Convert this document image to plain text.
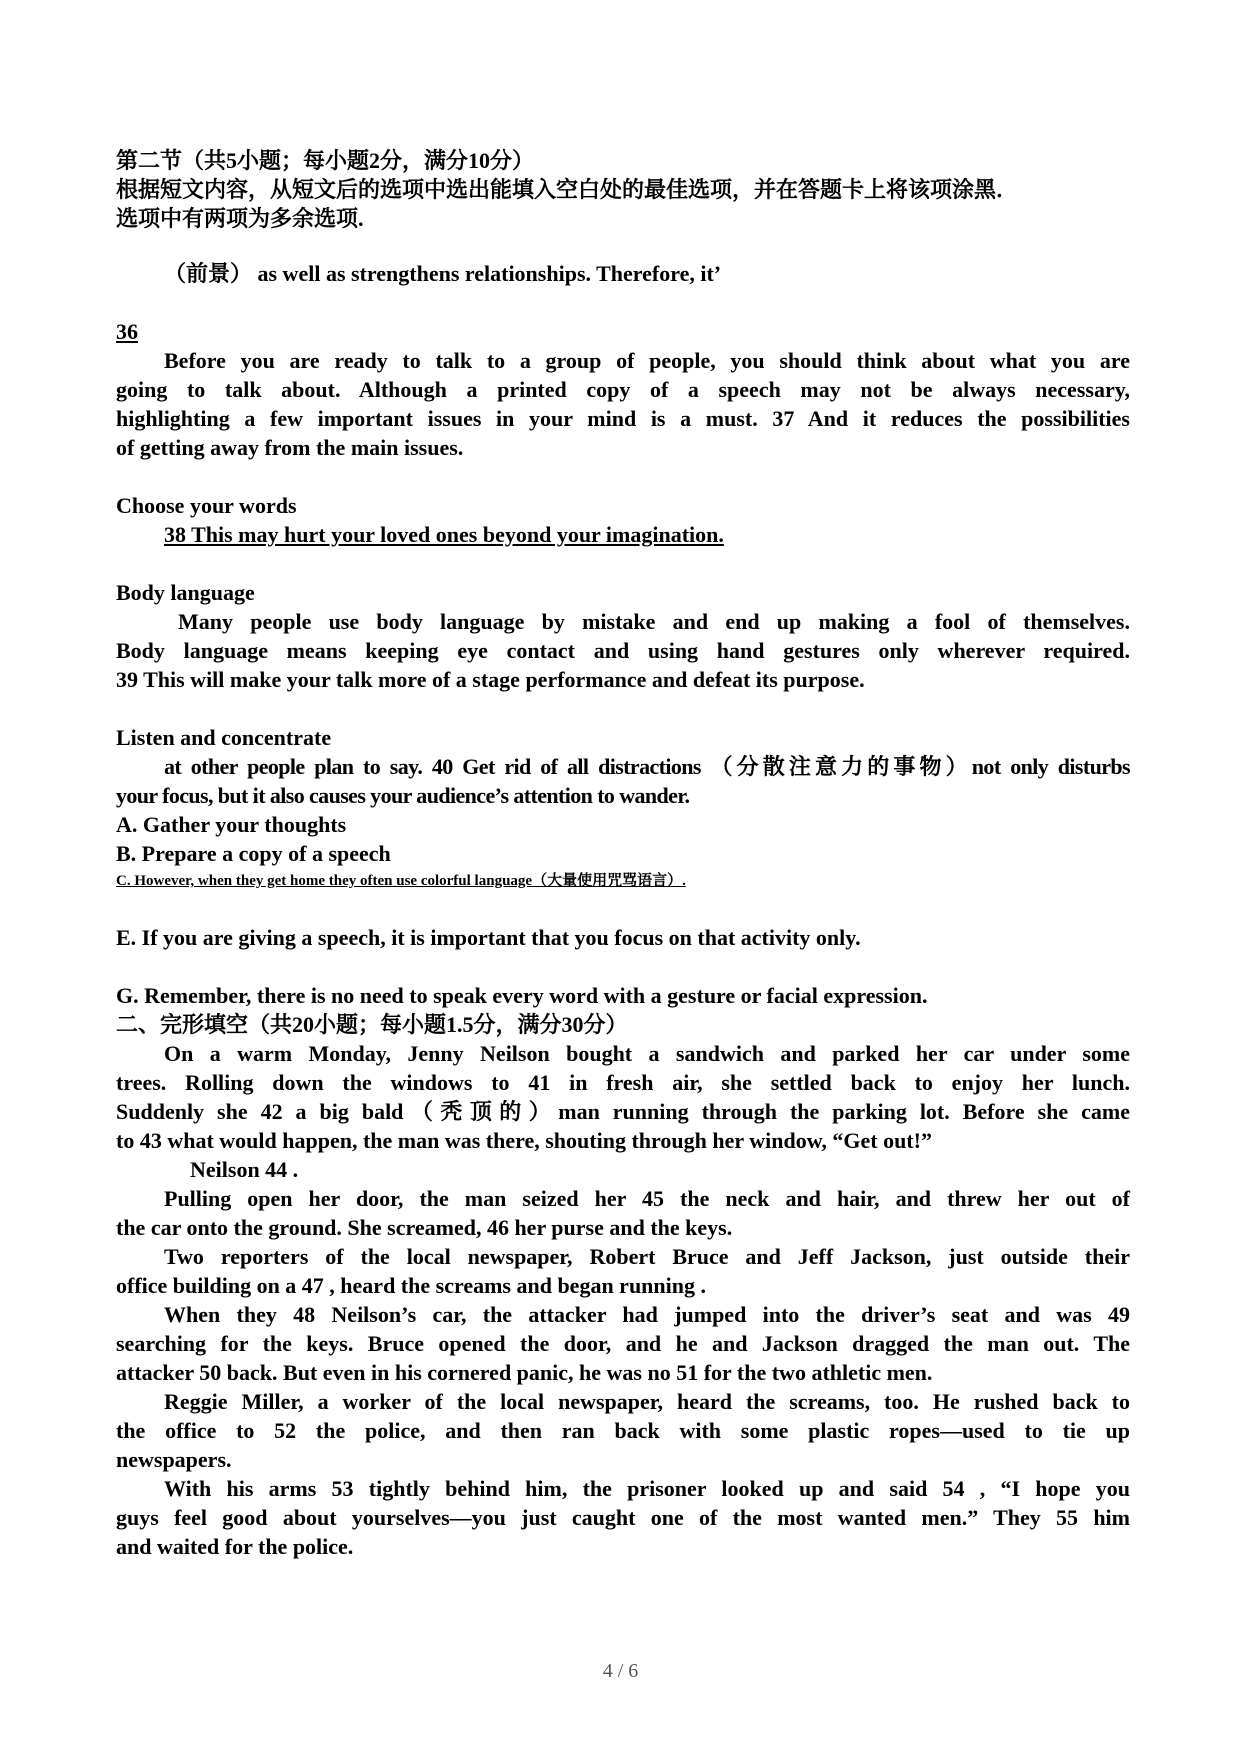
第二节（共5小题；每小题2分，满分10分）

根据短文内容，从短文后的选项中选出能填入空白处的最佳选项，并在答题卡上将该项涂黑．

选项中有两项为多余选项.

（前景） as well as strengthens relationships. Therefore, it’

36

Before you are ready to talk to a group of people, you should think about what you are

going to talk about. Although a printed copy of a speech may not be always necessary,

highlighting a few important issues in your mind is a must. 37 And it reduces the possibilities

of getting away from the main issues.

Choose your words

38 This may hurt your loved ones beyond your imagination.

Body language

Many people use body language by mistake and end up making a fool of themselves.

Body language means keeping eye contact and using hand gestures only wherever required.

39 This will make your talk more of a stage performance and defeat its purpose.

Listen and concentrate

at other people plan to say. 40 Get rid of all distractions （分散注意力的事物）not only disturbs

your focus, but it also causes your audience’s attention to wander.

A. Gather your thoughts

B. Prepare a copy of a speech

C. However, when they get home they often use colorful language（大量使用咒骂语言）.

E. If you are giving a speech, it is important that you focus on that activity only.

G. Remember, there is no need to speak every word with a gesture or facial expression.

二、完形填空（共20小题；每小题1.5分，满分30分）

On a warm Monday, Jenny Neilson bought a sandwich and parked her car under some

trees. Rolling down the windows to 41 in fresh air, she settled back to enjoy her lunch.

Suddenly she 42 a big bald（秃顶的）man running through the parking lot. Before she came

to 43 what would happen, the man was there, shouting through her window, “Get out!”

Neilson 44 .

Pulling open her door, the man seized her 45 the neck and hair, and threw her out of

the car onto the ground. She screamed, 46 her purse and the keys.

Two reporters of the local newspaper, Robert Bruce and Jeff Jackson, just outside their

office building on a 47 , heard the screams and began running .

When they 48 Neilson’s car, the attacker had jumped into the driver’s seat and was 49

searching for the keys. Bruce opened the door, and he and Jackson dragged the man out. The

attacker 50 back. But even in his cornered panic, he was no 51 for the two athletic men.

Reggie Miller, a worker of the local newspaper, heard the screams, too. He rushed back to

the office to 52 the police, and then ran back with some plastic ropes—used to tie up

newspapers.

With his arms 53 tightly behind him, the prisoner looked up and said 54 , “I hope you

guys feel good about yourselves—you just caught one of the most wanted men.” They 55 him

and waited for the police.

4 / 6
